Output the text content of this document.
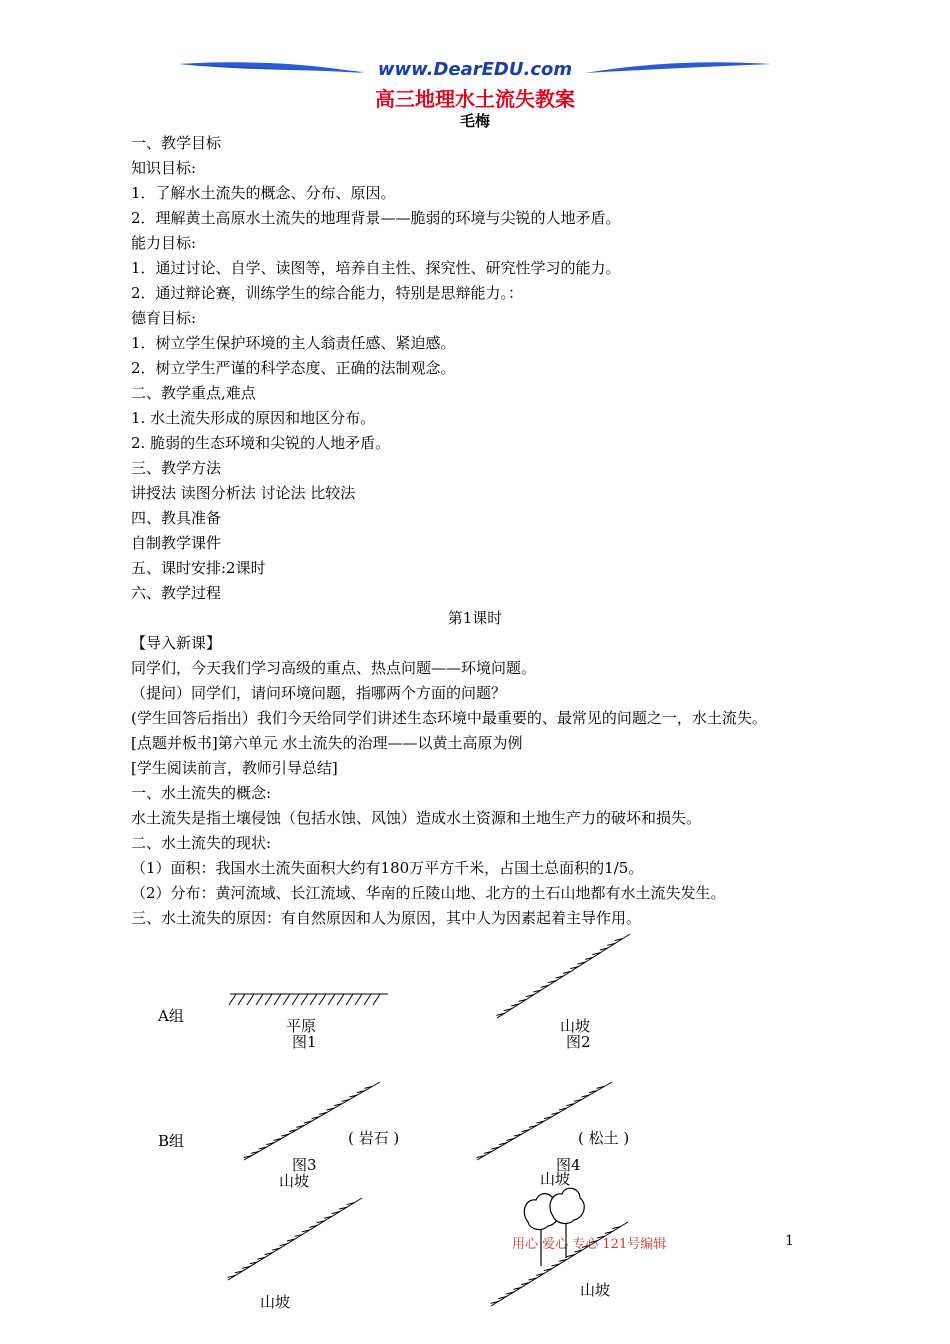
www.DearEDU.com
高三地理水土流失教案
毛梅
一、教学目标
知识目标:
1．了解水土流失的概念、分布、原因。
2．理解黄土高原水土流失的地理背景——脆弱的环境与尖锐的人地矛盾。
能力目标:
1．通过讨论、自学、读图等，培养自主性、探究性、研究性学习的能力。
2．通过辩论赛，训练学生的综合能力，特别是思辩能力。：
德育目标:
1．树立学生保护环境的主人翁责任感、紧迫感。
2．树立学生严谨的科学态度、正确的法制观念。
二、教学重点,难点
1. 水土流失形成的原因和地区分布。
2. 脆弱的生态环境和尖锐的人地矛盾。
三、教学方法
讲授法 读图分析法 讨论法 比较法
四、教具准备
自制教学课件
五、课时安排:2课时
六、教学过程
第1课时
【导入新课】
同学们，今天我们学习高级的重点、热点问题——环境问题。
（提问）同学们，请问环境问题，指哪两个方面的问题？
(学生回答后指出）我们今天给同学们讲述生态环境中最重要的、最常见的问题之一，水土流失。
[点题并板书]第六单元 水土流失的治理——以黄土高原为例
[学生阅读前言，教师引导总结]
一、水土流失的概念:
水土流失是指土壤侵蚀（包括水蚀、风蚀）造成水土资源和土地生产力的破坏和损失。
二、水土流失的现状:
（1）面积：我国水土流失面积大约有180万平方千米，占国土总面积的1/5。
（2）分布：黄河流域、长江流域、华南的丘陵山地、北方的土石山地都有水土流失发生。
三、水土流失的原因：有自然原因和人为原因，其中人为因素起着主导作用。
A组
平原
图1
山坡
图2
B组	( 岩石 )
图3
山坡
( 松土 )
图4
山坡
山坡
山坡
用心 爱心 专心 121号编辑	1
